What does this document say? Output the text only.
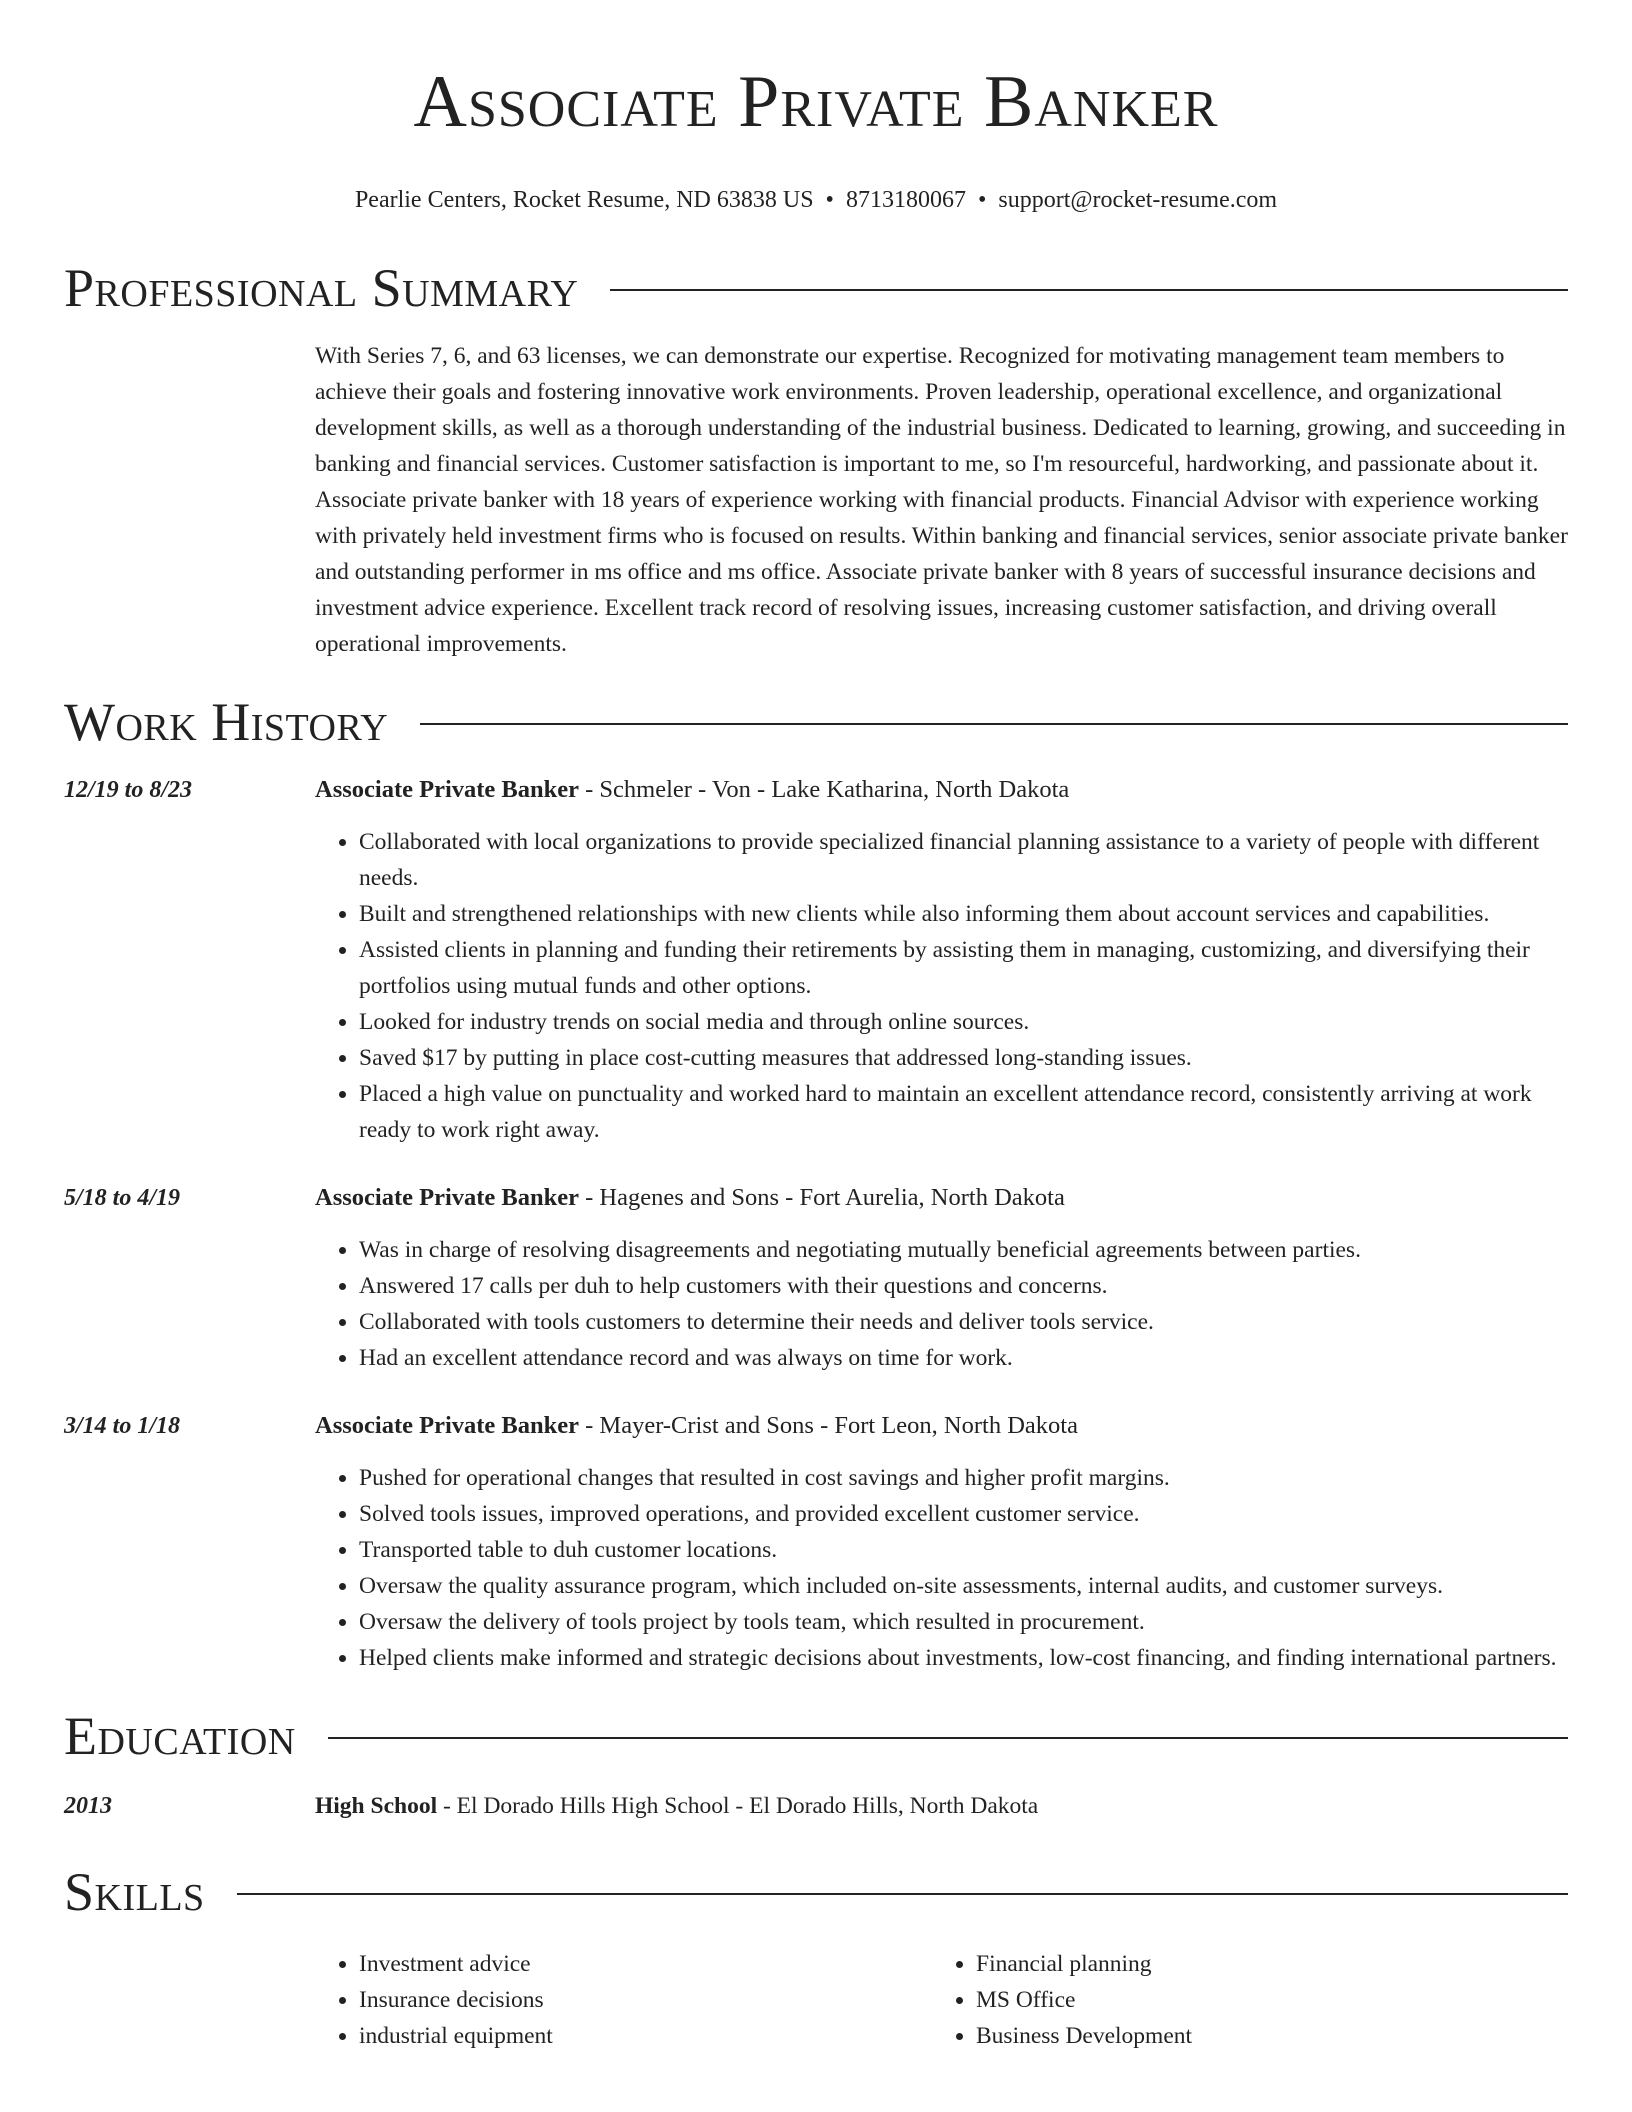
Associate Private Banker
Pearlie Centers, Rocket Resume, ND 63838 US • 8713180067 • support@rocket-resume.com
Professional Summary
With Series 7, 6, and 63 licenses, we can demonstrate our expertise. Recognized for motivating management team members to achieve their goals and fostering innovative work environments. Proven leadership, operational excellence, and organizational development skills, as well as a thorough understanding of the industrial business. Dedicated to learning, growing, and succeeding in banking and financial services. Customer satisfaction is important to me, so I'm resourceful, hardworking, and passionate about it. Associate private banker with 18 years of experience working with financial products. Financial Advisor with experience working with privately held investment firms who is focused on results. Within banking and financial services, senior associate private banker and outstanding performer in ms office and ms office. Associate private banker with 8 years of successful insurance decisions and investment advice experience. Excellent track record of resolving issues, increasing customer satisfaction, and driving overall operational improvements.
Work History
12/19 to 8/23	Associate Private Banker - Schmeler - Von - Lake Katharina, North Dakota
• Collaborated with local organizations to provide specialized financial planning assistance to a variety of people with different needs.
• Built and strengthened relationships with new clients while also informing them about account services and capabilities.
• Assisted clients in planning and funding their retirements by assisting them in managing, customizing, and diversifying their portfolios using mutual funds and other options.
• Looked for industry trends on social media and through online sources.
• Saved $17 by putting in place cost-cutting measures that addressed long-standing issues.
• Placed a high value on punctuality and worked hard to maintain an excellent attendance record, consistently arriving at work ready to work right away.
5/18 to 4/19	Associate Private Banker - Hagenes and Sons - Fort Aurelia, North Dakota
• Was in charge of resolving disagreements and negotiating mutually beneficial agreements between parties.
• Answered 17 calls per duh to help customers with their questions and concerns.
• Collaborated with tools customers to determine their needs and deliver tools service.
• Had an excellent attendance record and was always on time for work.
3/14 to 1/18	Associate Private Banker - Mayer-Crist and Sons - Fort Leon, North Dakota
• Pushed for operational changes that resulted in cost savings and higher profit margins.
• Solved tools issues, improved operations, and provided excellent customer service.
• Transported table to duh customer locations.
• Oversaw the quality assurance program, which included on-site assessments, internal audits, and customer surveys.
• Oversaw the delivery of tools project by tools team, which resulted in procurement.
• Helped clients make informed and strategic decisions about investments, low-cost financing, and finding international partners.
Education
2013	High School - El Dorado Hills High School - El Dorado Hills, North Dakota
Skills
• Investment advice
• Insurance decisions
• industrial equipment
• Financial planning
• MS Office
• Business Development
